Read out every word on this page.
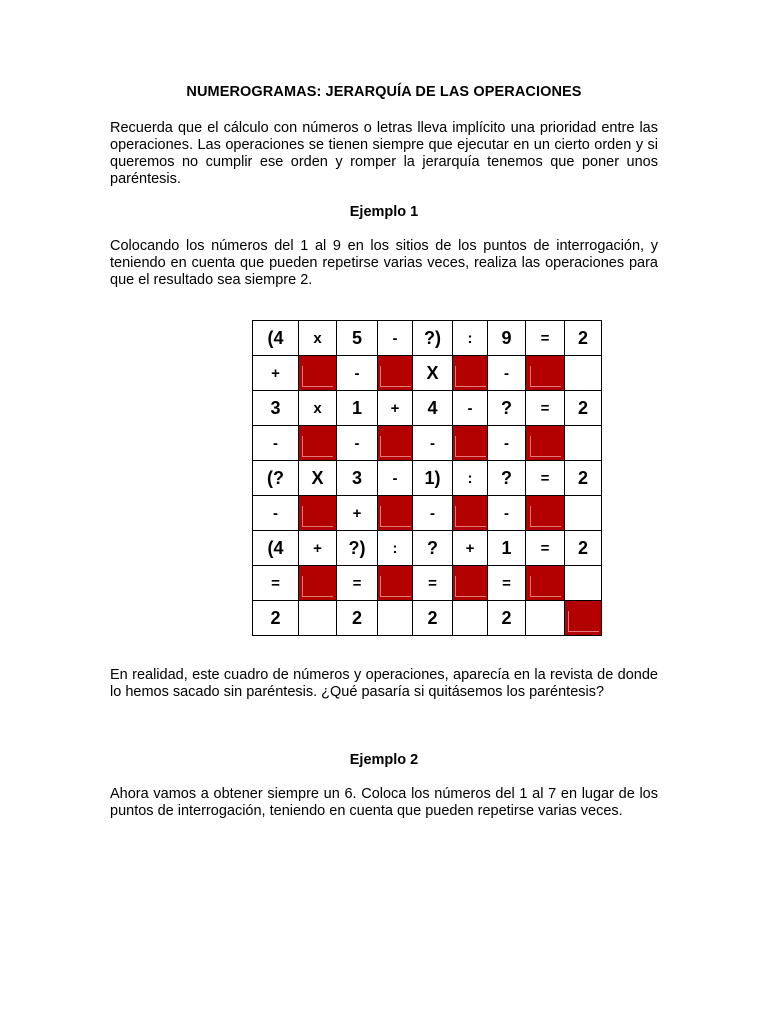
NUMEROGRAMAS: JERARQUÍA DE LAS OPERACIONES
Recuerda que el cálculo con números o letras lleva implícito una prioridad entre las operaciones. Las operaciones se tienen siempre que ejecutar en un cierto orden y si queremos no cumplir ese orden y romper la jerarquía tenemos que poner unos paréntesis.
Ejemplo 1
Colocando los números del 1 al 9 en los sitios de los puntos de interrogación, y teniendo en cuenta que pueden repetirse varias veces, realiza las operaciones para que el resultado sea siempre 2.
(4	x	5	-	?)	:	9	=	2
+		-		X		-	

3	x	1	+	4	-	?	=	2
-		-		-		-	

(?	X	3	-	1)	:	?	=	2
-		+		-		-	

(4	+	?)	:	?	+	1	=	2
=		=		=		=	

2		2		2		2		
En realidad, este cuadro de números y operaciones, aparecía en la revista de donde lo hemos sacado sin paréntesis. ¿Qué pasaría si quitásemos los paréntesis?
Ejemplo 2
Ahora vamos a obtener siempre un 6. Coloca los números del 1 al 7 en lugar de los puntos de interrogación, teniendo en cuenta que pueden repetirse varias veces.
